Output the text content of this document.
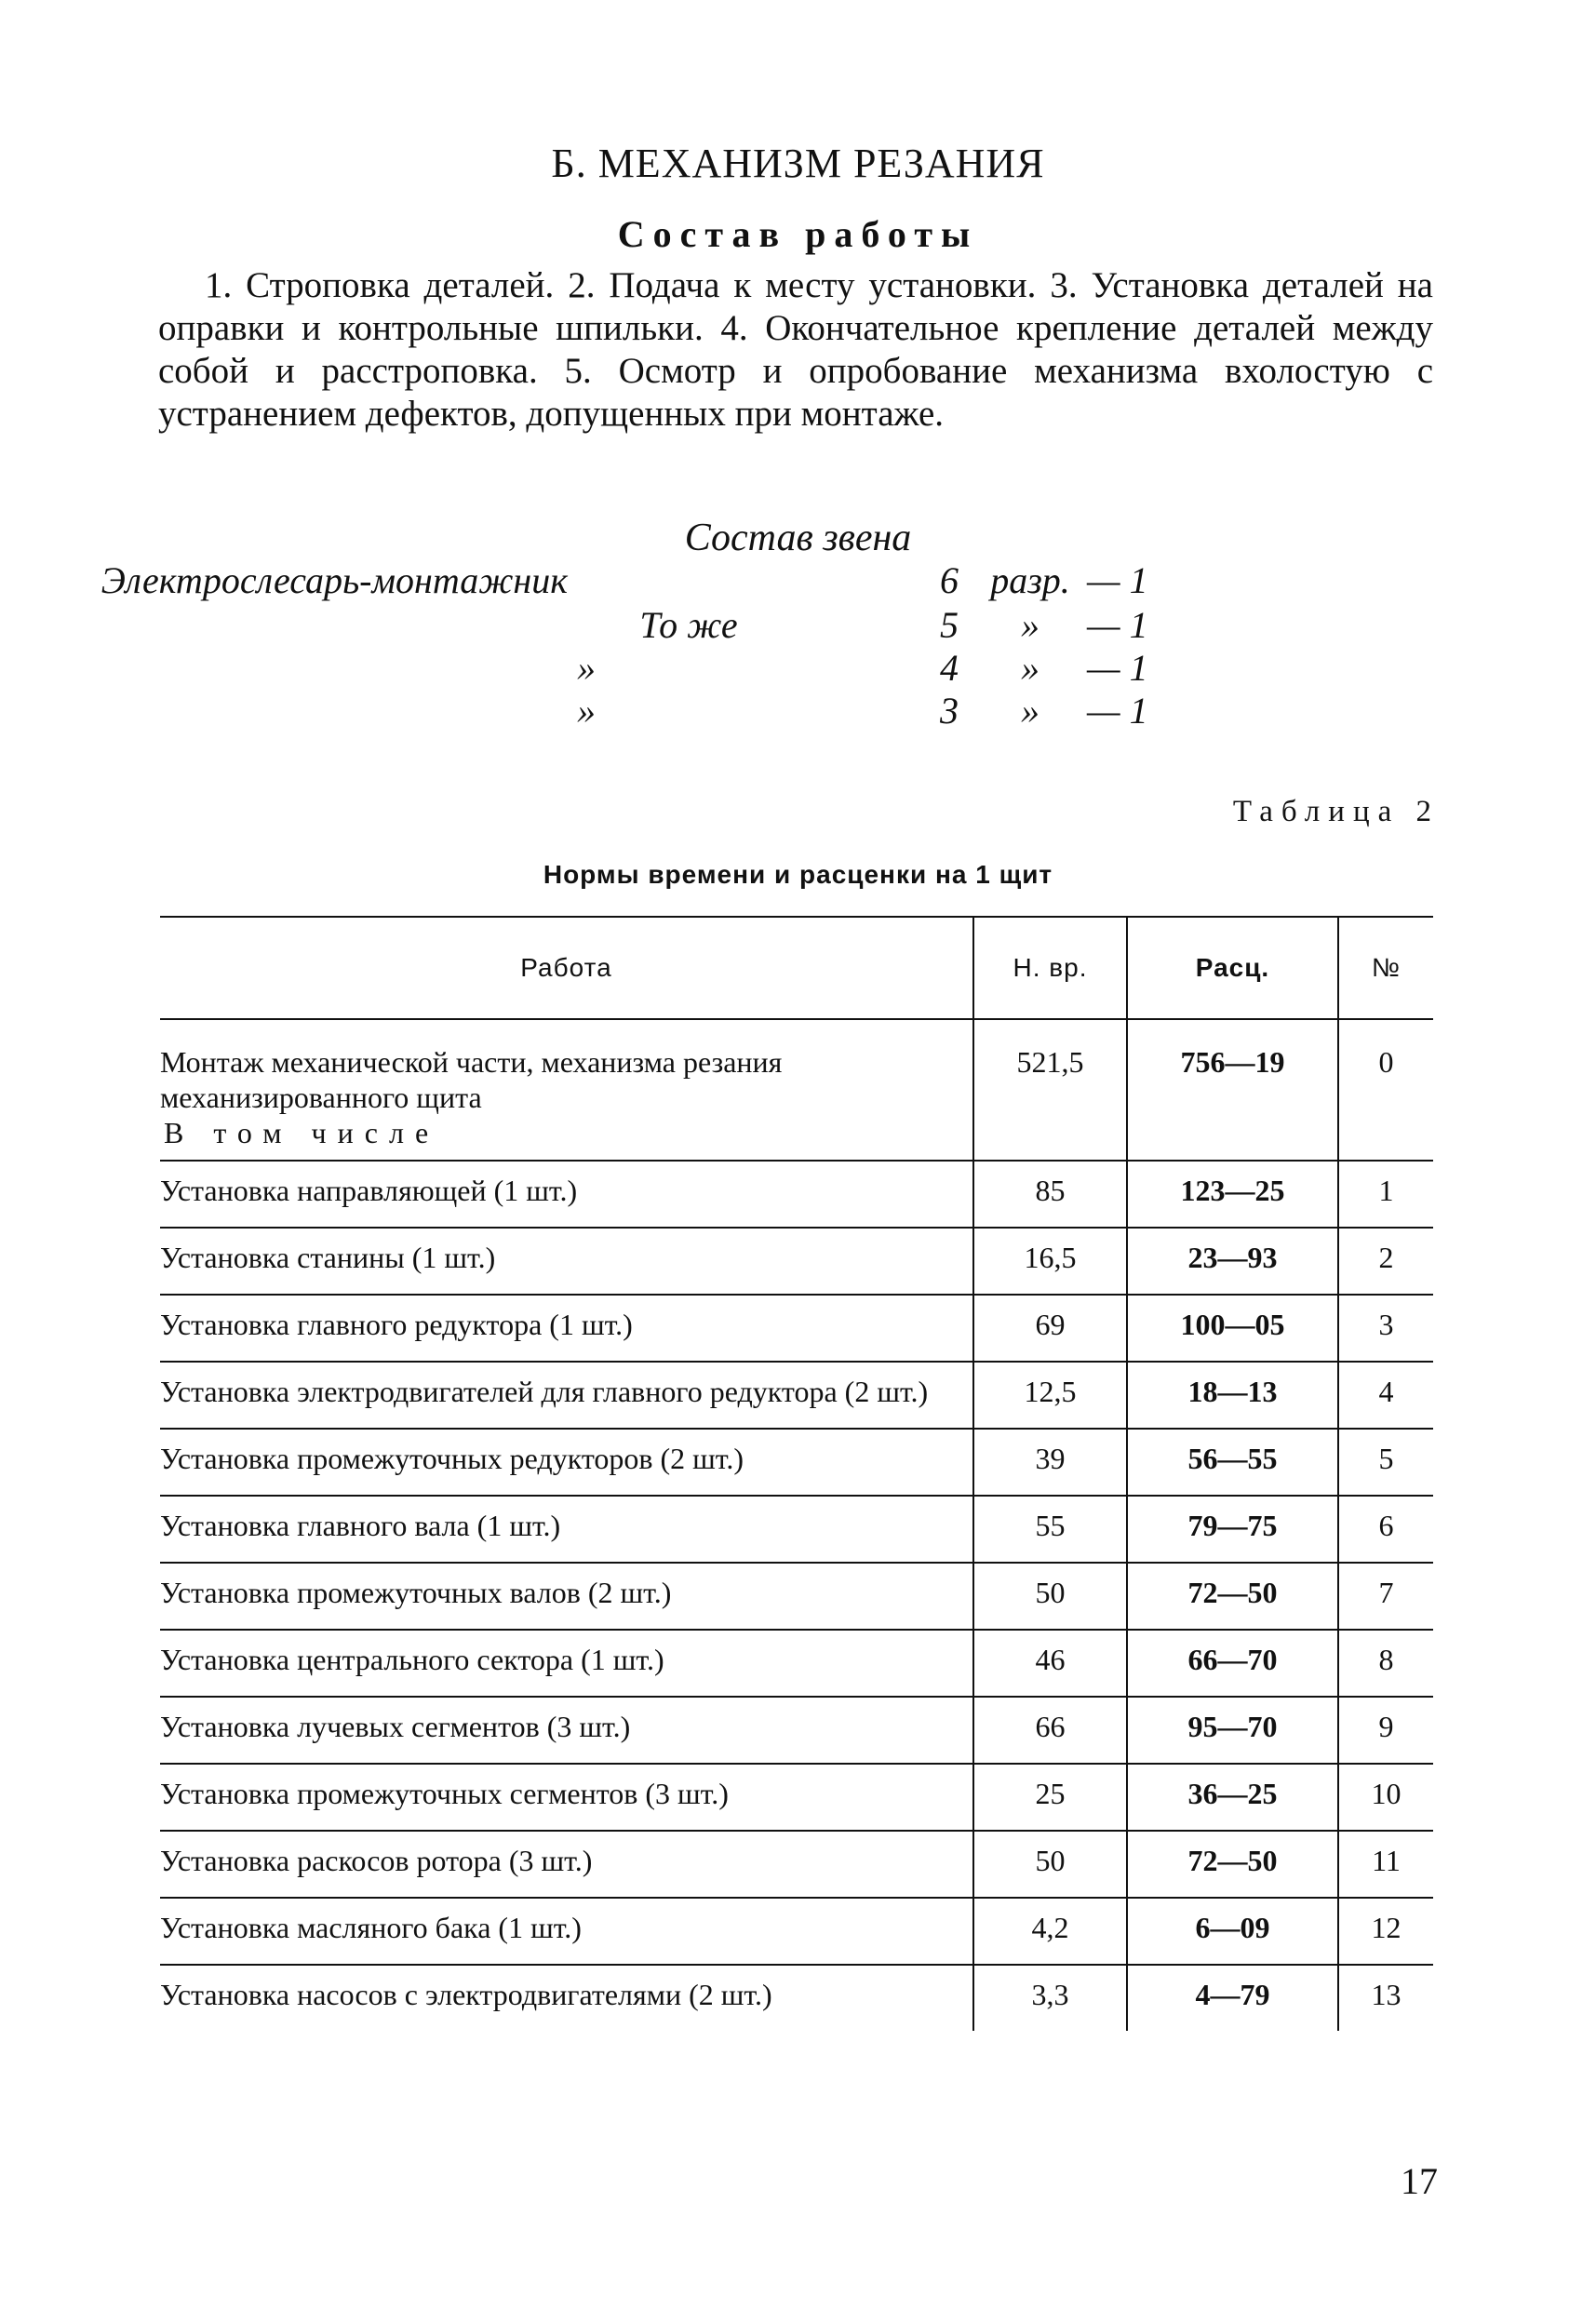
Б. МЕХАНИЗМ РЕЗАНИЯ
Состав работы

1. Строповка деталей. 2. Подача к месту установки. 3. Установка деталей на оправки и контрольные шпильки. 4. Окончательное крепление деталей между собой и расстроповка. 5. Осмотр и опробование механизма вхолостую с устранением дефектов, допущенных при монтаже.

Состав звена
Электрослесарь-монтажник	6 разр. — 1
То же	5	»	— 1
»	4	»	— 1
»	3	»	— 1
Таблица 2
Нормы времени и расценки на 1 щит
Работа	Н. вр.	Расц.	№
Монтаж механической части, механизма резания механизированного щита
В том числе	521,5	756—19	0
Установка направляющей (1 шт.)	85	123—25	1
Установка станины (1 шт.)	16,5	23—93	2
Установка главного редуктора (1 шт.)	69	100—05	3
Установка электродвигателей для главного редуктора (2 шт.)	12,5	18—13	4
Установка промежуточных редукторов (2 шт.)	39	56—55	5
Установка главного вала (1 шт.)	55	79—75	6
Установка промежуточных валов (2 шт.)	50	72—50	7
Установка центрального сектора (1 шт.)	46	66—70	8
Установка лучевых сегментов (3 шт.)	66	95—70	9
Установка промежуточных сегментов (3 шт.)	25	36—25	10
Установка раскосов ротора (3 шт.)	50	72—50	11
Установка масляного бака (1 шт.)	4,2	6—09	12
Установка насосов с электродвигателями (2 шт.)	3,3	4—79	13
17
